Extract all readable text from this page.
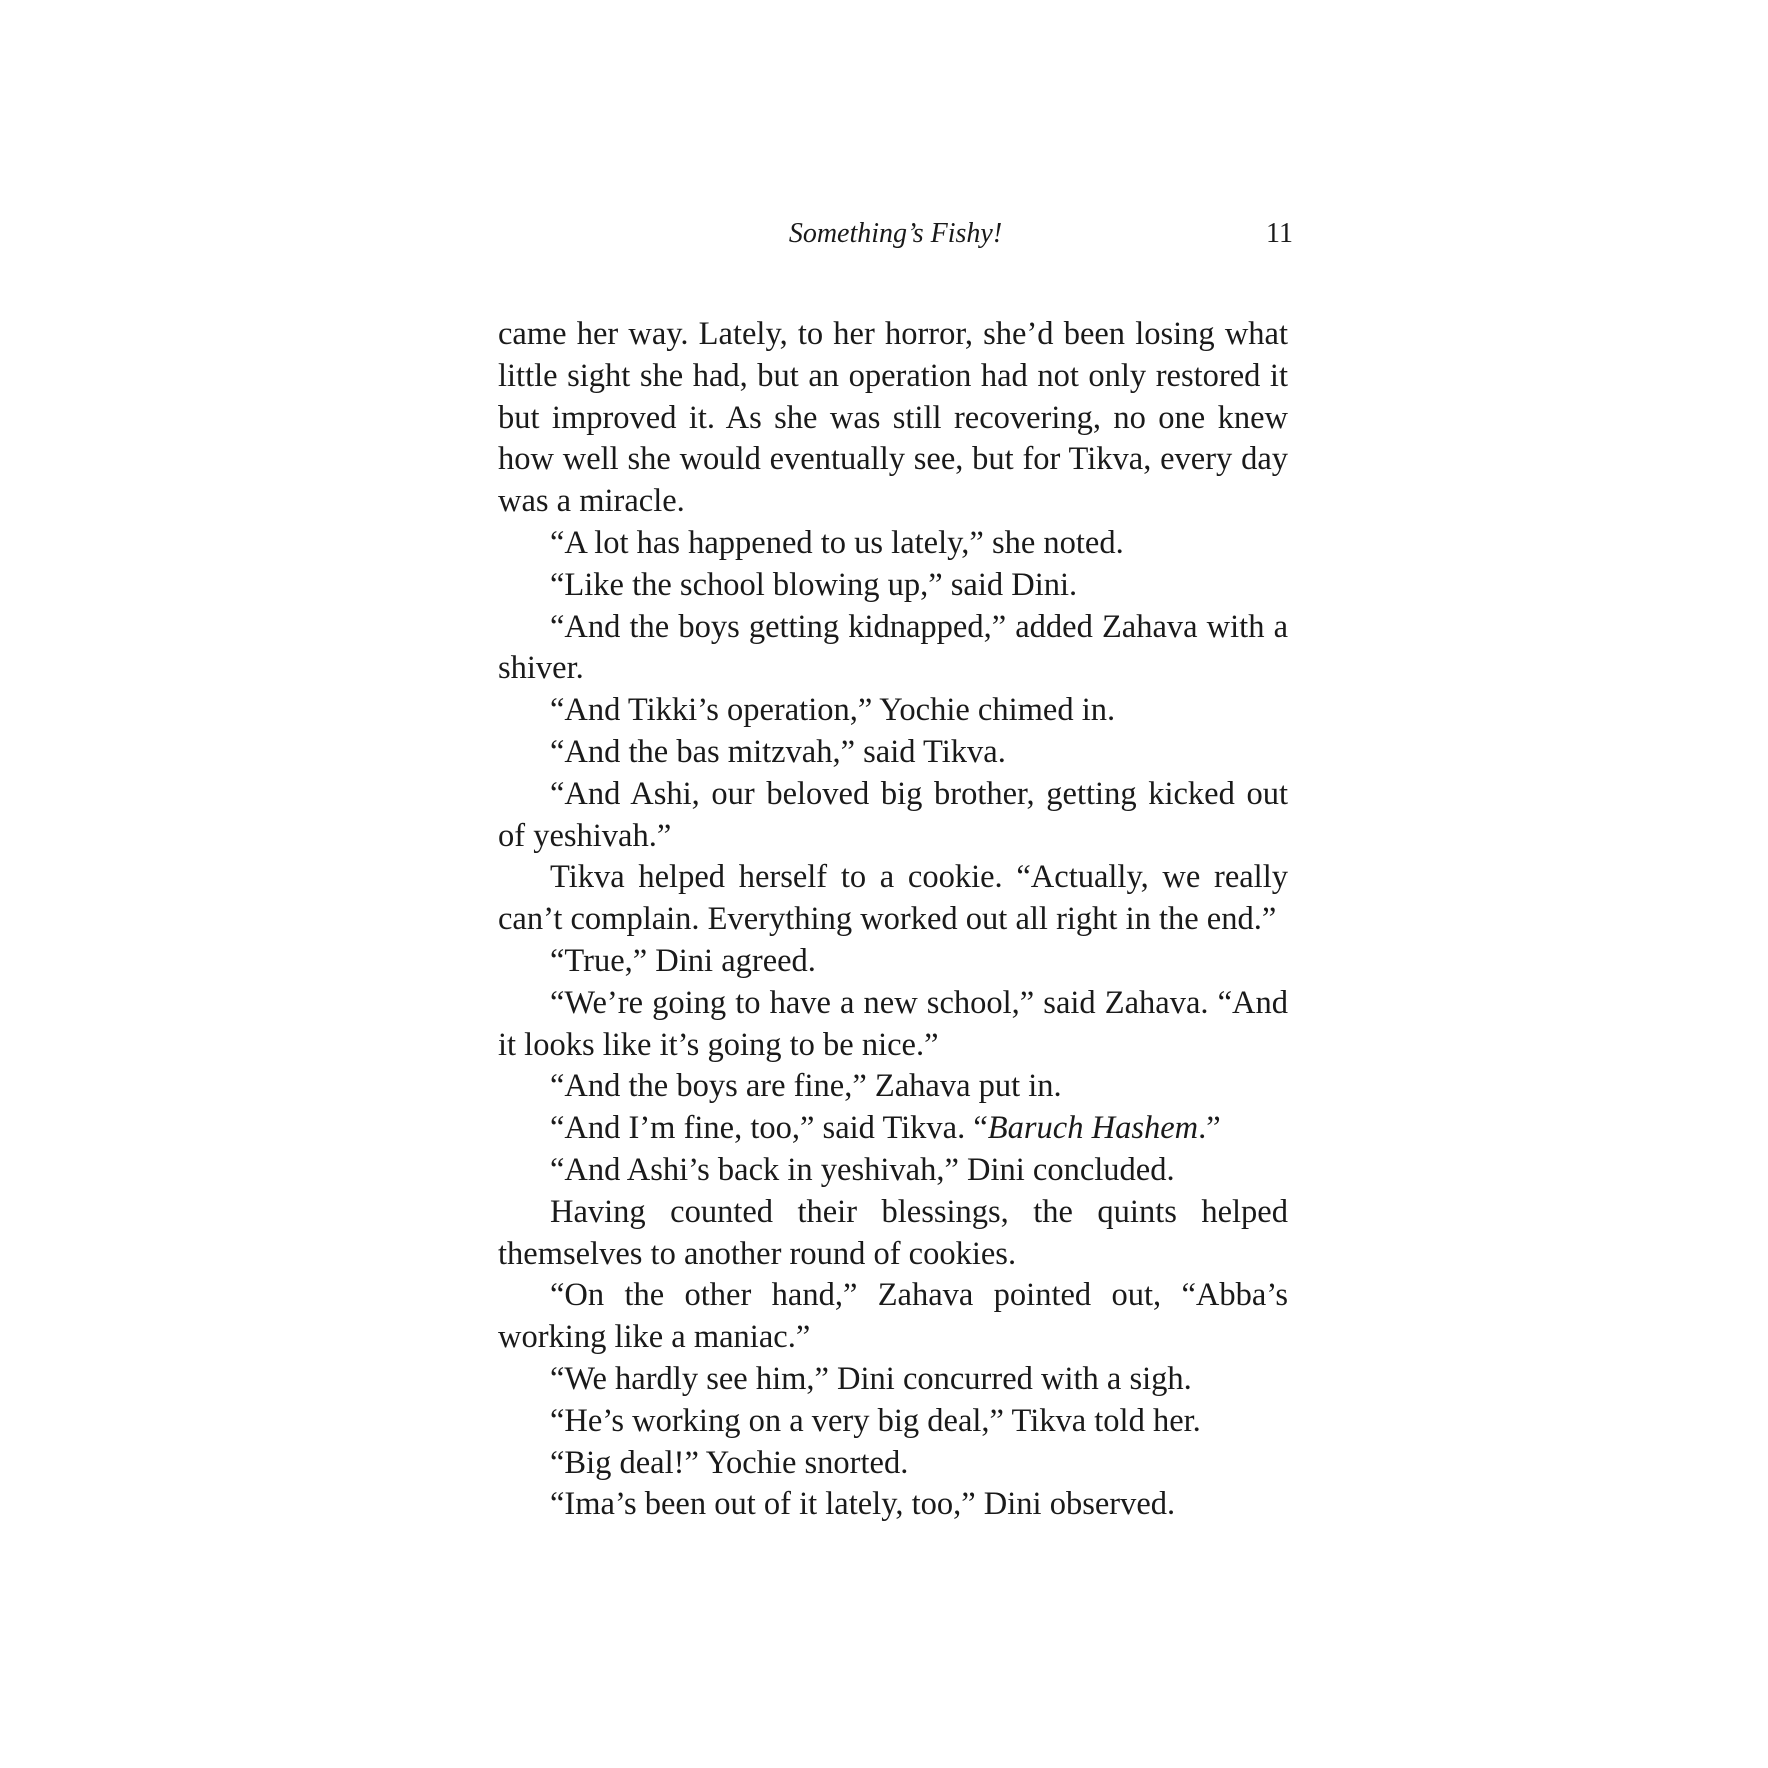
Something’s Fishy!	11

came her way. Lately, to her horror, she’d been losing what little sight she had, but an operation had not only restored it but improved it. As she was still recovering, no one knew how well she would eventually see, but for Tikva, every day was a miracle.

“A lot has happened to us lately,” she noted.

“Like the school blowing up,” said Dini.

“And the boys getting kidnapped,” added Zahava with a shiver.

“And Tikki’s operation,” Yochie chimed in.

“And the bas mitzvah,” said Tikva.

“And Ashi, our beloved big brother, getting kicked out of yeshivah.”

Tikva helped herself to a cookie. “Actually, we really can’t complain. Everything worked out all right in the end.”

“True,” Dini agreed.

“We’re going to have a new school,” said Zahava. “And it looks like it’s going to be nice.”

“And the boys are fine,” Zahava put in.

“And I’m fine, too,” said Tikva. “Baruch Hashem.”

“And Ashi’s back in yeshivah,” Dini concluded.

Having counted their blessings, the quints helped themselves to another round of cookies.

“On the other hand,” Zahava pointed out, “Abba’s working like a maniac.”

“We hardly see him,” Dini concurred with a sigh.

“He’s working on a very big deal,” Tikva told her.

“Big deal!” Yochie snorted.

“Ima’s been out of it lately, too,” Dini observed.
